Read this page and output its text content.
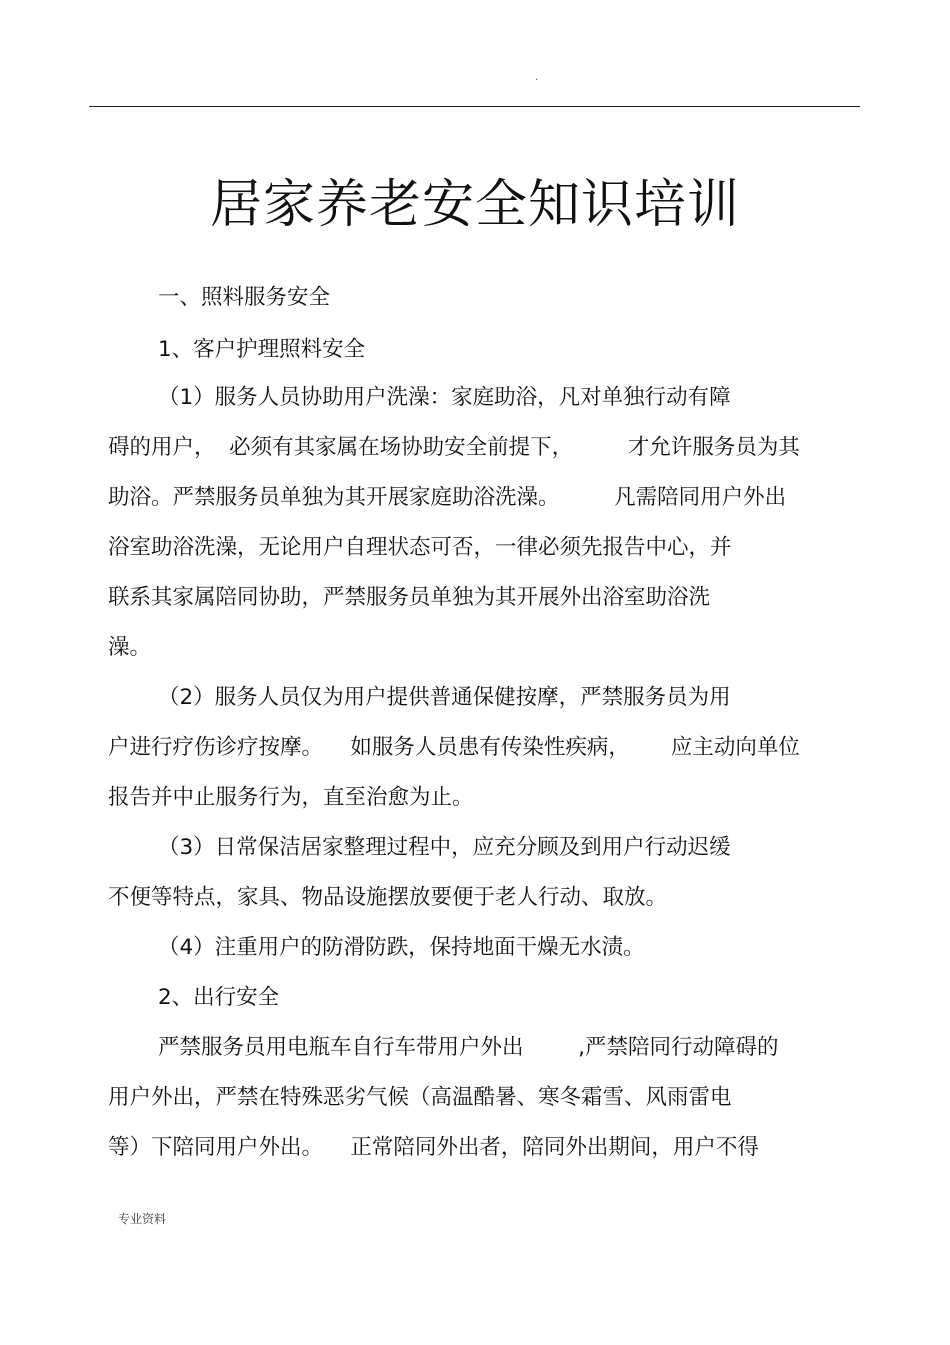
.
居家养老安全知识培训
一、照料服务安全
1、客户护理照料安全
（1）服务人员协助用户洗澡：家庭助浴，凡对单独行动有障
碍的用户，  必须有其家属在场协助安全前提下，        才允许服务员为其
助浴。严禁服务员单独为其开展家庭助浴洗澡。        凡需陪同用户外出
浴室助浴洗澡，无论用户自理状态可否，一律必须先报告中心，并
联系其家属陪同协助，严禁服务员单独为其开展外出浴室助浴洗
澡。
（2）服务人员仅为用户提供普通保健按摩，严禁服务员为用
户进行疗伤诊疗按摩。    如服务人员患有传染性疾病，      应主动向单位
报告并中止服务行为，直至治愈为止。
（3）日常保洁居家整理过程中，应充分顾及到用户行动迟缓
不便等特点，家具、物品设施摆放要便于老人行动、取放。
（4）注重用户的防滑防跌，保持地面干燥无水渍。
2、出行安全
严禁服务员用电瓶车自行车带用户外出        ,严禁陪同行动障碍的
用户外出，严禁在特殊恶劣气候（高温酷暑、寒冬霜雪、风雨雷电
等）下陪同用户外出。    正常陪同外出者，陪同外出期间，用户不得
专业资料
